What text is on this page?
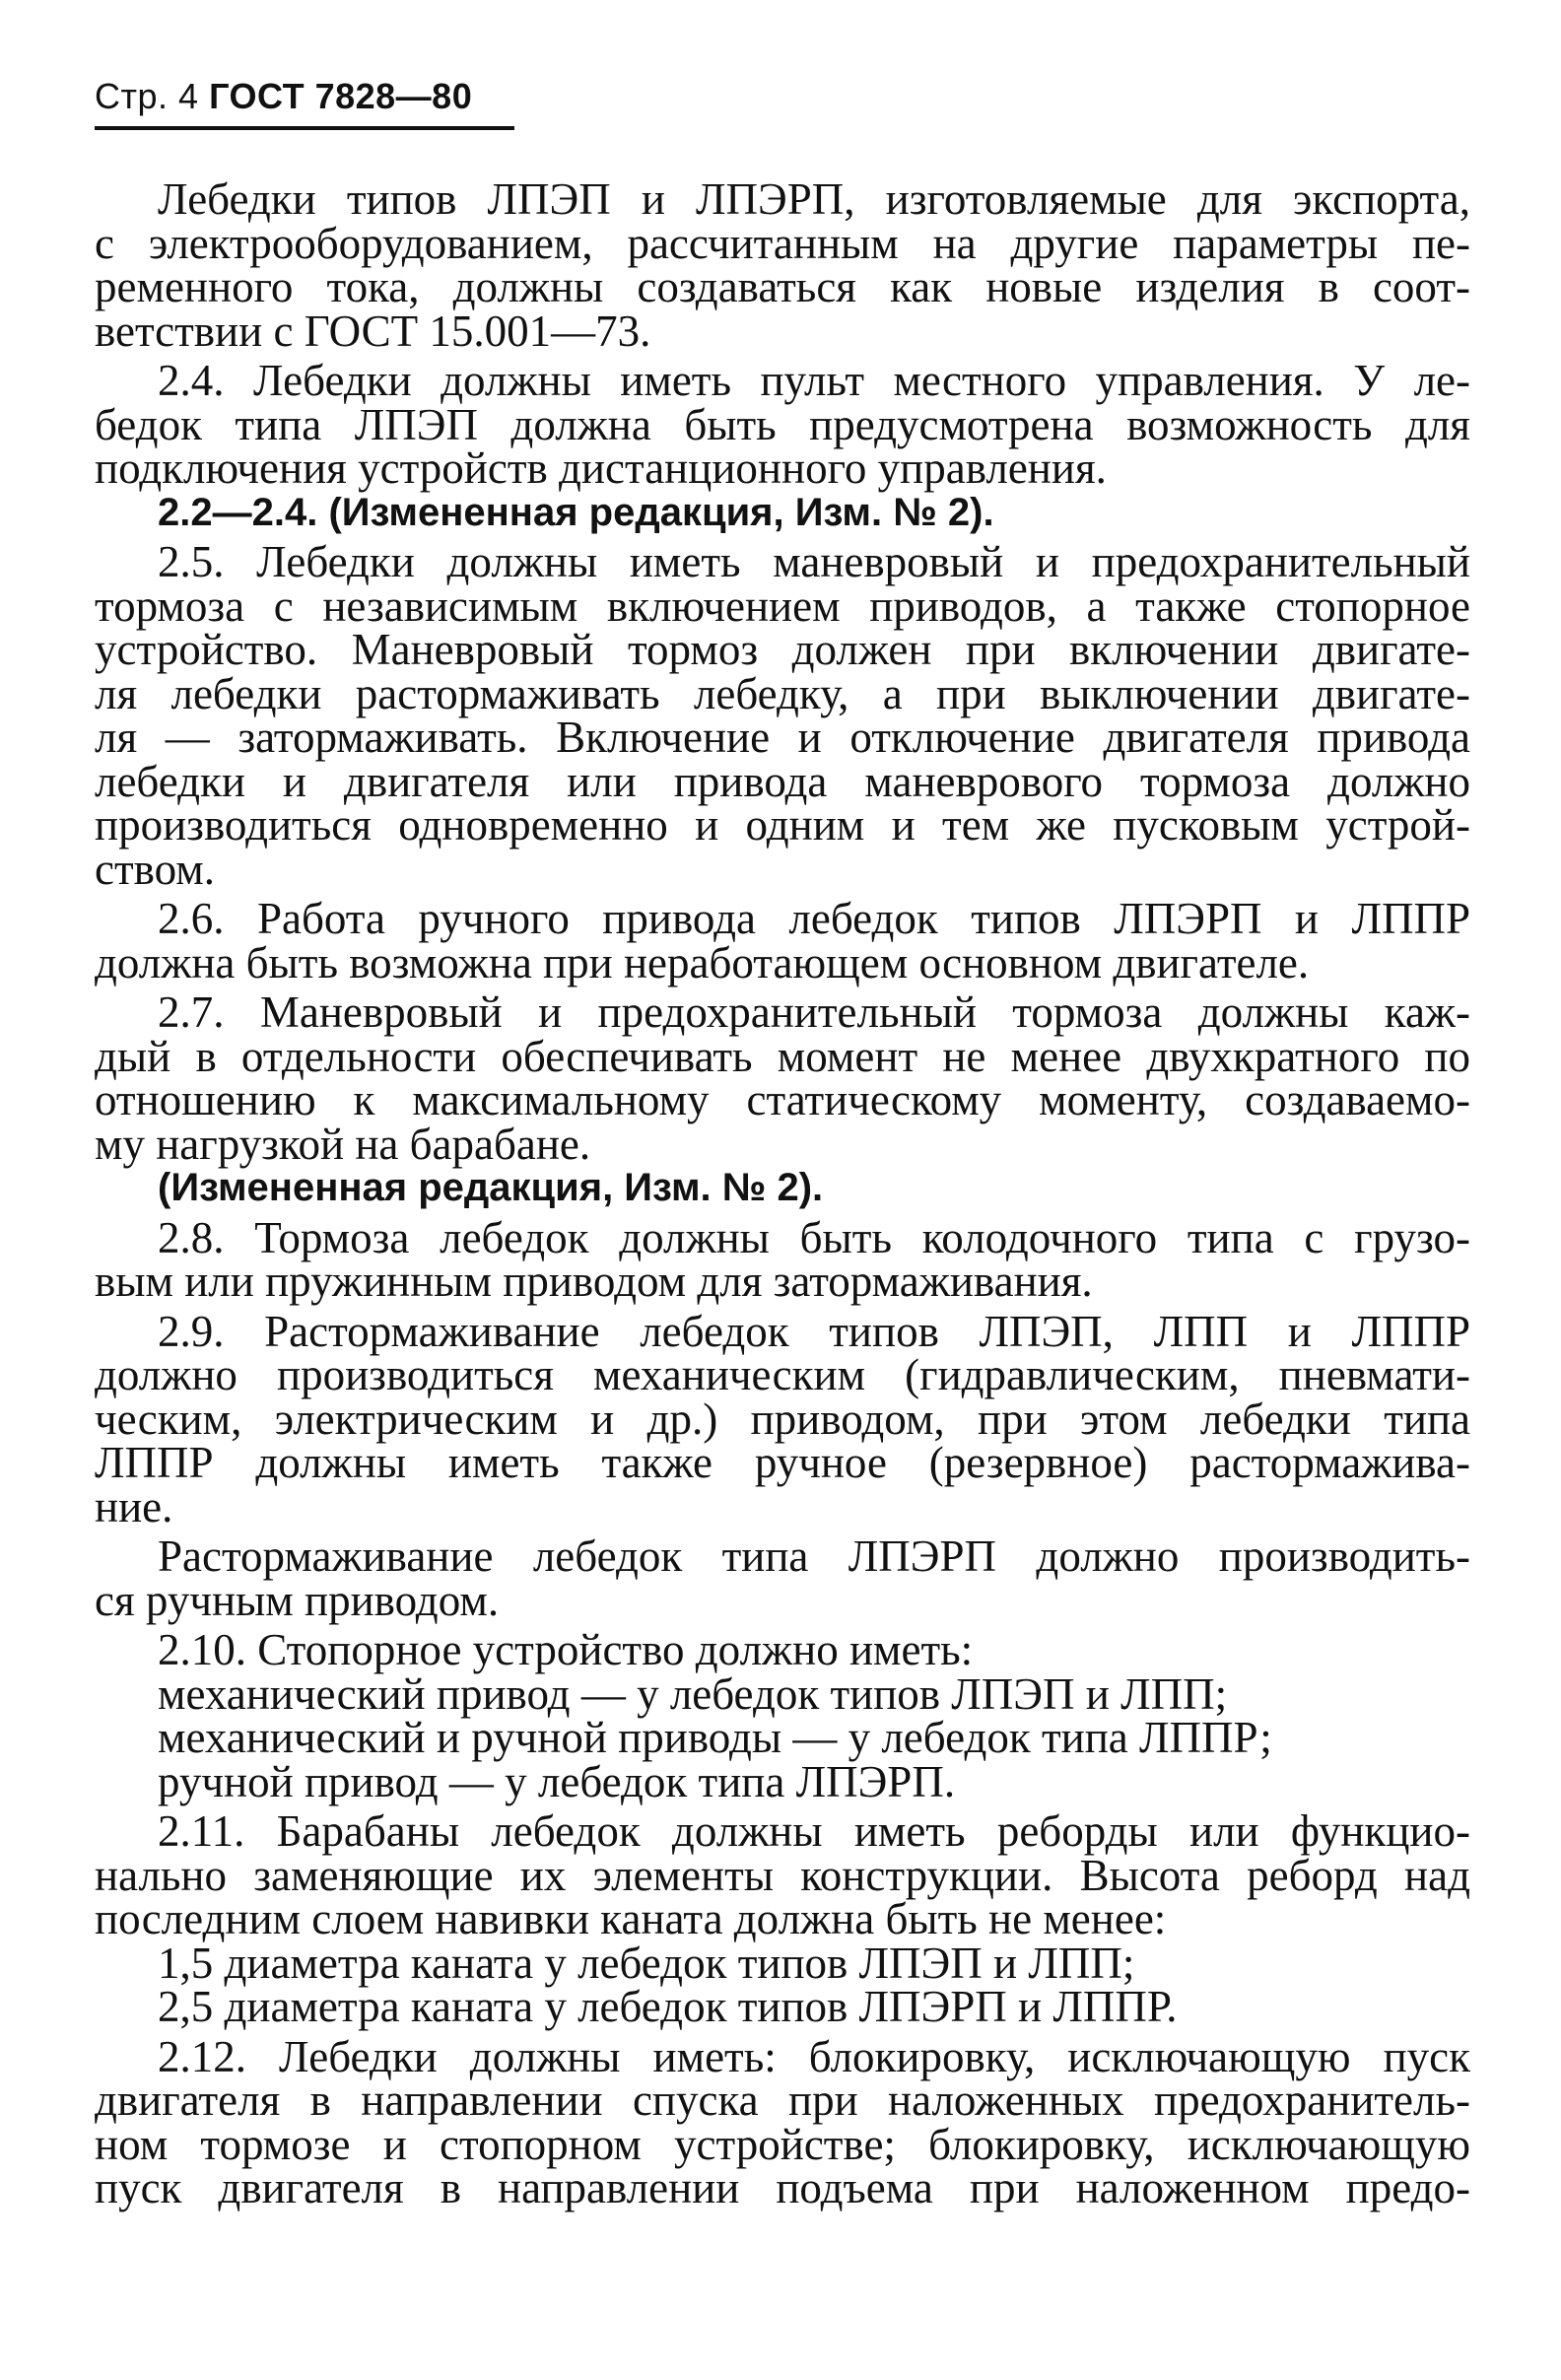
Стр. 4 ГОСТ 7828—80
Лебедки типов ЛПЭП и ЛПЭРП, изготовляемые для экспорта,
с электрооборудованием, рассчитанным на другие параметры пе-
ременного тока, должны создаваться как новые изделия в соот-
ветствии с ГОСТ 15.001—73.
2.4. Лебедки должны иметь пульт местного управления. У ле-
бедок типа ЛПЭП должна быть предусмотрена возможность для
подключения устройств дистанционного управления.
2.2—2.4. (Измененная редакция, Изм. № 2).
2.5. Лебедки должны иметь маневровый и предохранительный
тормоза с независимым включением приводов, а также стопорное
устройство. Маневровый тормоз должен при включении двигате-
ля лебедки растормаживать лебедку, а при выключении двигате-
ля — затормаживать. Включение и отключение двигателя привода
лебедки и двигателя или привода маневрового тормоза должно
производиться одновременно и одним и тем же пусковым устрой-
ством.
2.6. Работа ручного привода лебедок типов ЛПЭРП и ЛППР
должна быть возможна при неработающем основном двигателе.
2.7. Маневровый и предохранительный тормоза должны каж-
дый в отдельности обеспечивать момент не менее двухкратного по
отношению к максимальному статическому моменту, создаваемо-
му нагрузкой на барабане.
(Измененная редакция, Изм. № 2).
2.8. Тормоза лебедок должны быть колодочного типа с грузо-
вым или пружинным приводом для затормаживания.
2.9. Растормаживание лебедок типов ЛПЭП, ЛПП и ЛППР
должно производиться механическим (гидравлическим, пневмати-
ческим, электрическим и др.) приводом, при этом лебедки типа
ЛППР должны иметь также ручное (резервное) растормажива-
ние.
Растормаживание лебедок типа ЛПЭРП должно производить-
ся ручным приводом.
2.10. Стопорное устройство должно иметь:
механический привод — у лебедок типов ЛПЭП и ЛПП;
механический и ручной приводы — у лебедок типа ЛППР;
ручной привод — у лебедок типа ЛПЭРП.
2.11. Барабаны лебедок должны иметь реборды или функцио-
нально заменяющие их элементы конструкции. Высота реборд над
последним слоем навивки каната должна быть не менее:
1,5 диаметра каната у лебедок типов ЛПЭП и ЛПП;
2,5 диаметра каната у лебедок типов ЛПЭРП и ЛППР.
2.12. Лебедки должны иметь: блокировку, исключающую пуск
двигателя в направлении спуска при наложенных предохранитель-
ном тормозе и стопорном устройстве; блокировку, исключающую
пуск двигателя в направлении подъема при наложенном предо-
